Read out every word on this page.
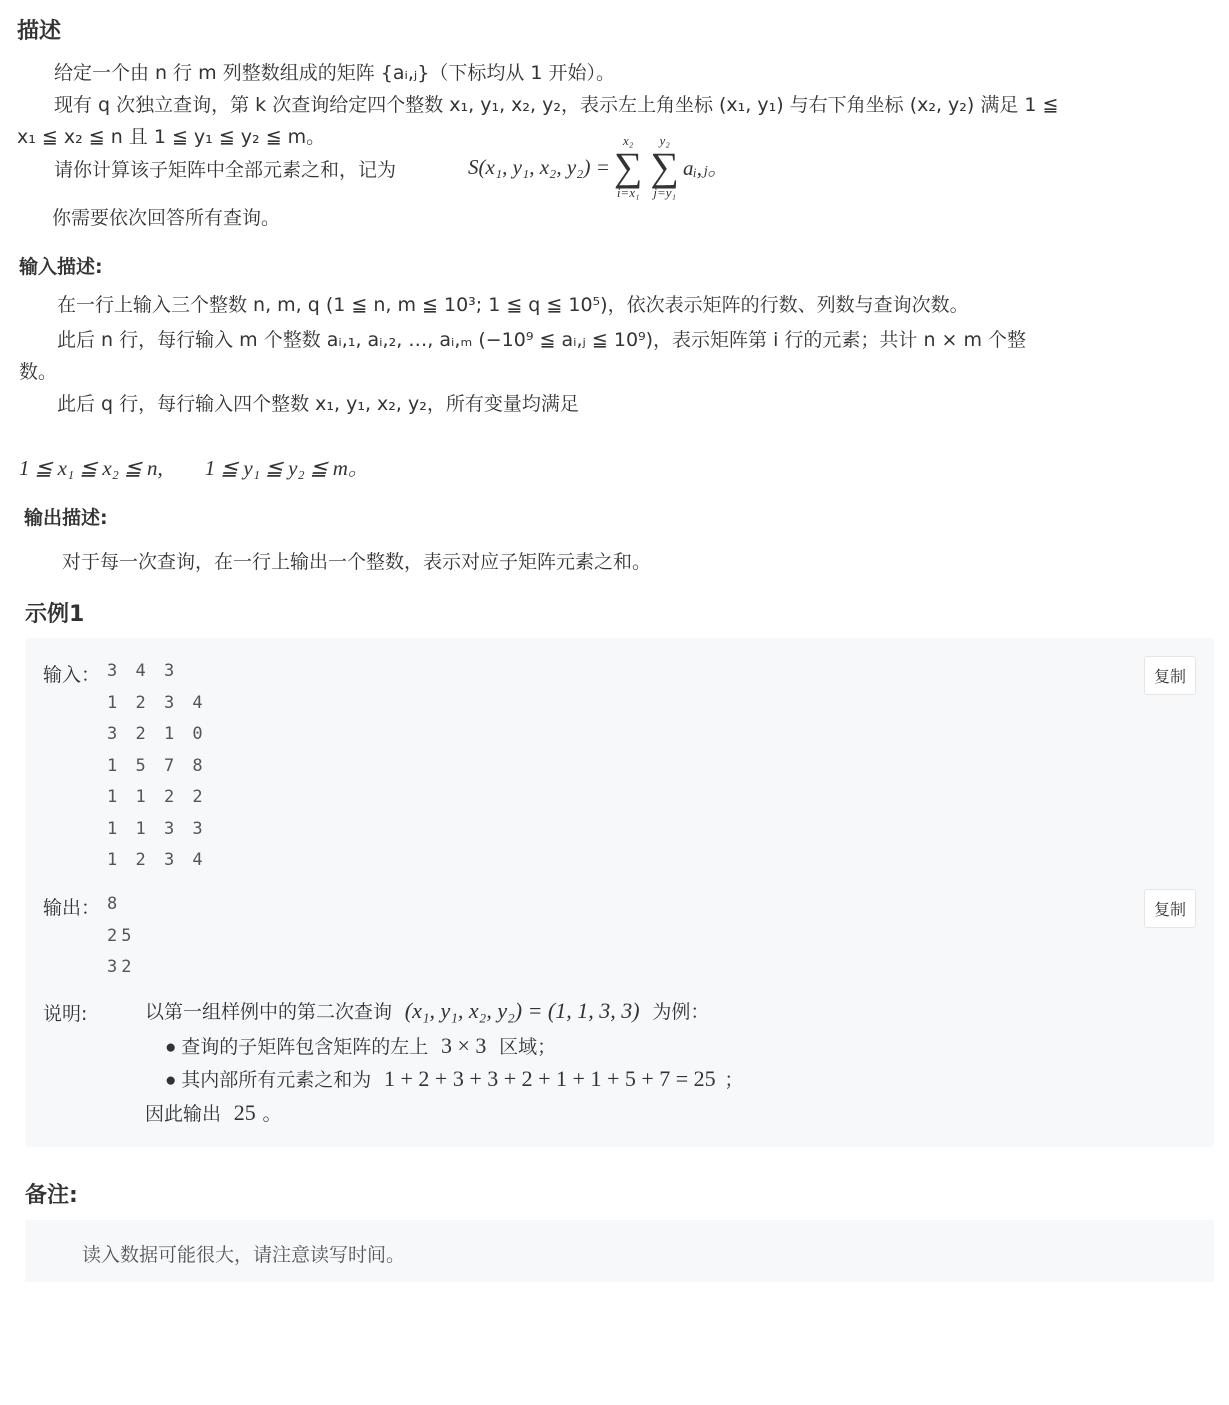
描述
给定一个由 n 行 m 列整数组成的矩阵 {aᵢ,ⱼ}（下标均从 1 开始）。
现有 q 次独立查询，第 k 次查询给定四个整数 x₁, y₁, x₂, y₂，表示左上角坐标 (x₁, y₁) 与右下角坐标 (x₂, y₂) 满足 1 ≦
x₁ ≦ x₂ ≦ n 且 1 ≦ y₁ ≦ y₂ ≦ m。
请你计算该子矩阵中全部元素之和，记为	S(x₁, y₁, x₂, y₂) =
x₂
∑
i=x₁
y₂
∑
j=y₁
aᵢ,ⱼ。
你需要依次回答所有查询。
输入描述:
在一行上输入三个整数 n, m, q (1 ≦ n, m ≦ 10³; 1 ≦ q ≦ 10⁵)，依次表示矩阵的行数、列数与查询次数。
此后 n 行，每行输入 m 个整数 aᵢ,₁, aᵢ,₂, …, aᵢ,ₘ (−10⁹ ≦ aᵢ,ⱼ ≦ 10⁹)，表示矩阵第 i 行的元素；共计 n × m 个整
数。
此后 q 行，每行输入四个整数 x₁, y₁, x₂, y₂，所有变量均满足
1 ≦ x₁ ≦ x₂ ≦ n,        1 ≦ y₁ ≦ y₂ ≦ m。
输出描述:
对于每一次查询，在一行上输出一个整数，表示对应子矩阵元素之和。
示例1
输入： 3 4 3
1 2 3 4
3 2 1 0
1 5 7 8
1 1 2 2
1 1 3 3
1 2 3 4
复制
输出： 8
25
32
复制
说明:	以第一组样例中的第二次查询 (x₁, y₁, x₂, y₂) = (1, 1, 3, 3) 为例：
● 查询的子矩阵包含矩阵的左上 3 × 3 区域；
● 其内部所有元素之和为 1 + 2 + 3 + 3 + 2 + 1 + 1 + 5 + 7 = 25 ；
因此输出 25 。
备注:
读入数据可能很大，请注意读写时间。
